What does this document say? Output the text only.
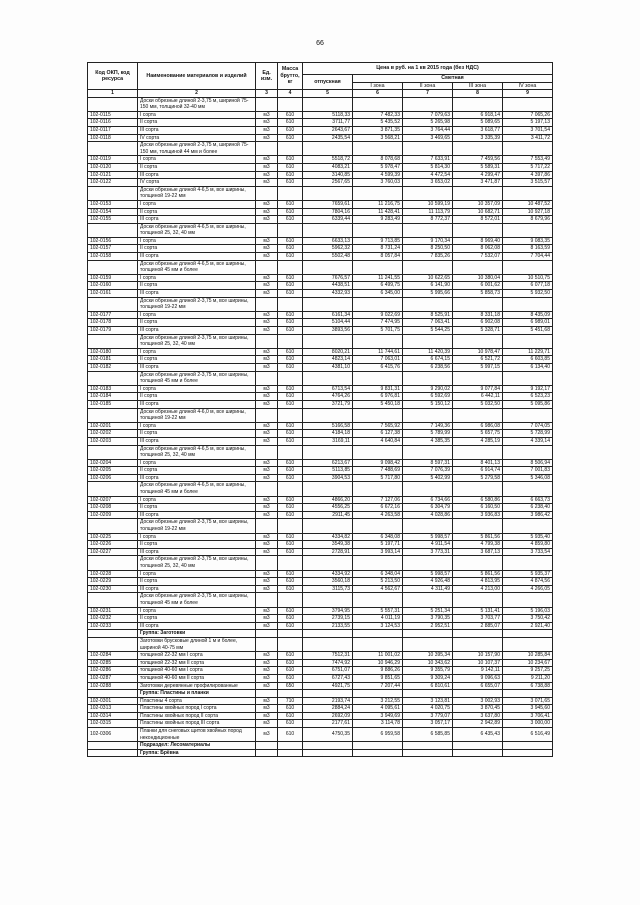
66
Код ОКП, код ресурса	Наименование материалов и изделий	Ед. изм.	Масса брутто, кг	Цена в руб. на 1 кв 2015 года (без НДС)				
				отпускная	Сметная			
					I зона	II зона	III зона	IV зона
1	2	3	4	5	6	7	8	9
	Доски обрезные длиной 2-3,75 м, шириной 75-150 мм, толщиной 32-40 мм							
102-0115	I сорта	м3	610	5118,33	7 482,33	7 079,63	6 918,14	7 065,26
102-0116	II сорта	м3	610	3711,77	5 435,52	5 265,98	5 089,65	5 197,13
102-0117	III сорта	м3	610	2643,67	3 871,35	3 764,44	3 618,77	3 701,54
102-0118	IV сорта	м3	610	2435,54	3 568,21	3 469,65	3 335,39	3 411,72
	Доски обрезные длиной 2-3,75 м, шириной 75-150 мм, толщиной 44 мм и более							
102-0119	I сорта	м3	610	5518,72	8 078,68	7 633,91	7 459,56	7 553,49
102-0120	II сорта	м3	610	4083,21	5 978,47	5 814,30	5 589,31	5 717,22
102-0121	III сорта	м3	610	3140,85	4 599,39	4 472,54	4 299,47	4 397,86
102-0122	IV сорта	м3	610	2567,65	3 760,03	3 653,02	3 471,87	3 515,57
	Доски обрезные длиной 4-6,5 м, все ширины, толщиной 19-22 мм							
102-0153	I сорта	м3	610	7659,61	11 216,75	10 599,19	10 357,09	10 487,52
102-0154	II сорта	м3	610	7804,16	11 428,41	11 113,79	10 682,71	10 927,18
102-0155	III сорта	м3	610	6339,44	9 283,49	8 772,37	8 572,01	8 679,96
	Доски обрезные длиной 4-6,5 м, все ширины, толщиной 25, 32, 40 мм							
102-0156	I сорта	м3	610	6633,13	9 713,85	9 170,34	8 969,40	9 083,35
102-0157	II сорта	м3	610	5962,32	8 731,24	8 250,50	8 062,08	8 163,59
102-0158	III сорта	м3	610	5502,48	8 057,84	7 835,26	7 532,07	7 704,44
	Доски обрезные длиной 4-6,5 м, все ширины, толщиной 45 мм и более							
102-0159	I сорта	м3	610	7676,57	11 241,55	10 622,65	10 380,04	10 510,75
102-0160	II сорта	м3	610	4438,51	6 499,75	6 141,90	6 001,62	6 077,18
102-0161	III сорта	м3	610	4332,93	6 345,00	5 995,66	5 858,73	5 932,50
	Доски обрезные длиной 2-3,75 м, все ширины, толщиной 19-22 мм							
102-0177	I сорта	м3	610	6161,34	9 022,69	8 525,91	8 331,18	8 435,09
102-0178	II сорта	м3	610	5104,44	7 474,95	7 063,41	6 902,08	6 989,01
102-0179	III сорта	м3	610	3893,56	5 701,75	5 544,25	5 328,71	5 451,68
	Доски обрезные длиной 2-3,75 м, все ширины, толщиной 25, 32, 40 мм							
102-0180	I сорта	м3	610	8020,21	11 744,61	11 420,39	10 978,47	11 229,71
102-0181	II сорта	м3	610	4823,14	7 063,01	6 674,15	6 521,72	6 603,85
102-0182	III сорта	м3	610	4381,10	6 415,76	6 238,56	5 997,15	6 134,40
	Доски обрезные длиной 2-3,75 м, все ширины, толщиной 45 мм и более							
102-0183	I сорта	м3	610	6713,54	9 831,31	9 290,02	9 077,84	9 192,17
102-0184	II сорта	м3	610	4764,26	6 976,81	6 592,69	6 442,11	6 523,23
102-0185	III сорта	м3	610	3721,79	5 450,18	5 150,12	5 032,50	5 095,86
	Доски обрезные длиной 4-6,0 м, все ширины, толщиной 19-22 мм							
102-0201	I сорта	м3	610	5166,58	7 565,92	7 149,36	6 986,08	7 074,05
102-0202	II сорта	м3	610	4184,18	6 127,38	5 789,99	5 657,75	5 728,99
102-0203	III сорта	м3	610	3169,11	4 640,84	4 385,35	4 285,19	4 339,14
	Доски обрезные длиной 4-6,5 м, все ширины, толщиной 25, 32, 40 мм							
102-0204	I сорта	м3	610	6213,67	9 098,42	8 597,31	8 401,13	8 506,94
102-0205	II сорта	м3	610	5113,85	7 488,69	7 076,39	6 914,74	7 001,83
102-0206	III сорта	м3	610	3904,53	5 717,80	5 402,99	5 279,58	5 346,08
	Доски обрезные длиной 4-6,5 м, все ширины, толщиной 45 мм и более							
102-0207	I сорта	м3	610	4866,20	7 127,06	6 734,66	6 580,86	6 663,73
102-0208	II сорта	м3	610	4556,25	6 672,16	6 304,79	6 160,50	6 238,40
102-0209	III сорта	м3	610	2911,45	4 263,58	4 028,86	3 936,83	3 986,42
	Доски обрезные длиной 2-3,75 м, все ширины, толщиной 19-22 мм							
102-0225	I сорта	м3	610	4334,82	6 348,08	5 998,57	5 861,56	5 935,40
102-0226	II сорта	м3	610	3549,38	5 197,71	4 911,54	4 799,38	4 859,80
102-0227	III сорта	м3	610	2728,91	3 993,14	3 773,31	3 687,13	3 733,54
	Доски обрезные длиной 2-3,75 м, все ширины, толщиной 25, 32, 40 мм							
102-0228	I сорта	м3	610	4334,92	6 348,04	5 998,57	5 861,56	5 935,37
102-0229	II сорта	м3	610	3560,18	5 213,50	4 926,48	4 813,95	4 874,56
102-0230	III сорта	м3	610	3115,73	4 562,67	4 311,49	4 213,00	4 266,05
	Доски обрезные длиной 2-3,75 м, все ширины, толщиной 45 мм и более							
102-0231	I сорта	м3	610	3794,95	5 557,31	5 251,34	5 131,41	5 196,03
102-0232	II сорта	м3	610	2739,15	4 011,19	3 790,35	3 703,77	3 750,42
102-0233	III сорта	м3	610	2133,55	3 124,53	2 952,51	2 885,07	2 921,40
	Группа: Заготовки							
	Заготовки брусковые длиной 1 м и более, шириной 40-75 мм							
102-0284	толщиной 22-32 мм I сорта	м3	610	7512,31	11 001,02	10 395,34	10 157,90	10 285,84
102-0285	толщиной 22-32 мм II сорта	м3	610	7474,92	10 946,29	10 343,62	10 107,37	10 234,67
102-0286	толщиной 40-60 мм I сорта	м3	610	6751,07	9 886,26	9 355,79	9 142,11	9 257,25
102-0287	толщиной 40-60 мм II сорта	м3	610	6727,43	9 851,65	9 309,24	9 096,63	9 211,20
102-0288	Заготовки деревянные профилированные	м3	650	4921,75	7 207,44	6 810,61	6 655,07	6 738,88
	Группа: Пластины и планки							
102-0301	Пластины 4 сорта	м3	710	2193,74	3 212,55	3 123,81	3 002,93	3 071,65
102-0313	Пластины хвойных пород I сорта	м3	610	2884,24	4 095,61	4 020,75	3 870,45	3 945,60
102-0314	Пластины хвойных пород II сорта	м3	610	2692,09	3 949,69	3 779,07	3 637,80	3 706,41
102-0315	Пластины хвойных пород III сорта	м3	610	2177,61	3 114,78	3 057,17	2 942,89	3 000,00
102-0306	Планки для снеговых щитов хвойных пород некондиционные	м3	610	4750,35	6 959,58	6 585,85	6 435,43	6 516,49
	Подраздел: Лесоматериалы							
	Группа: Брёвна							
